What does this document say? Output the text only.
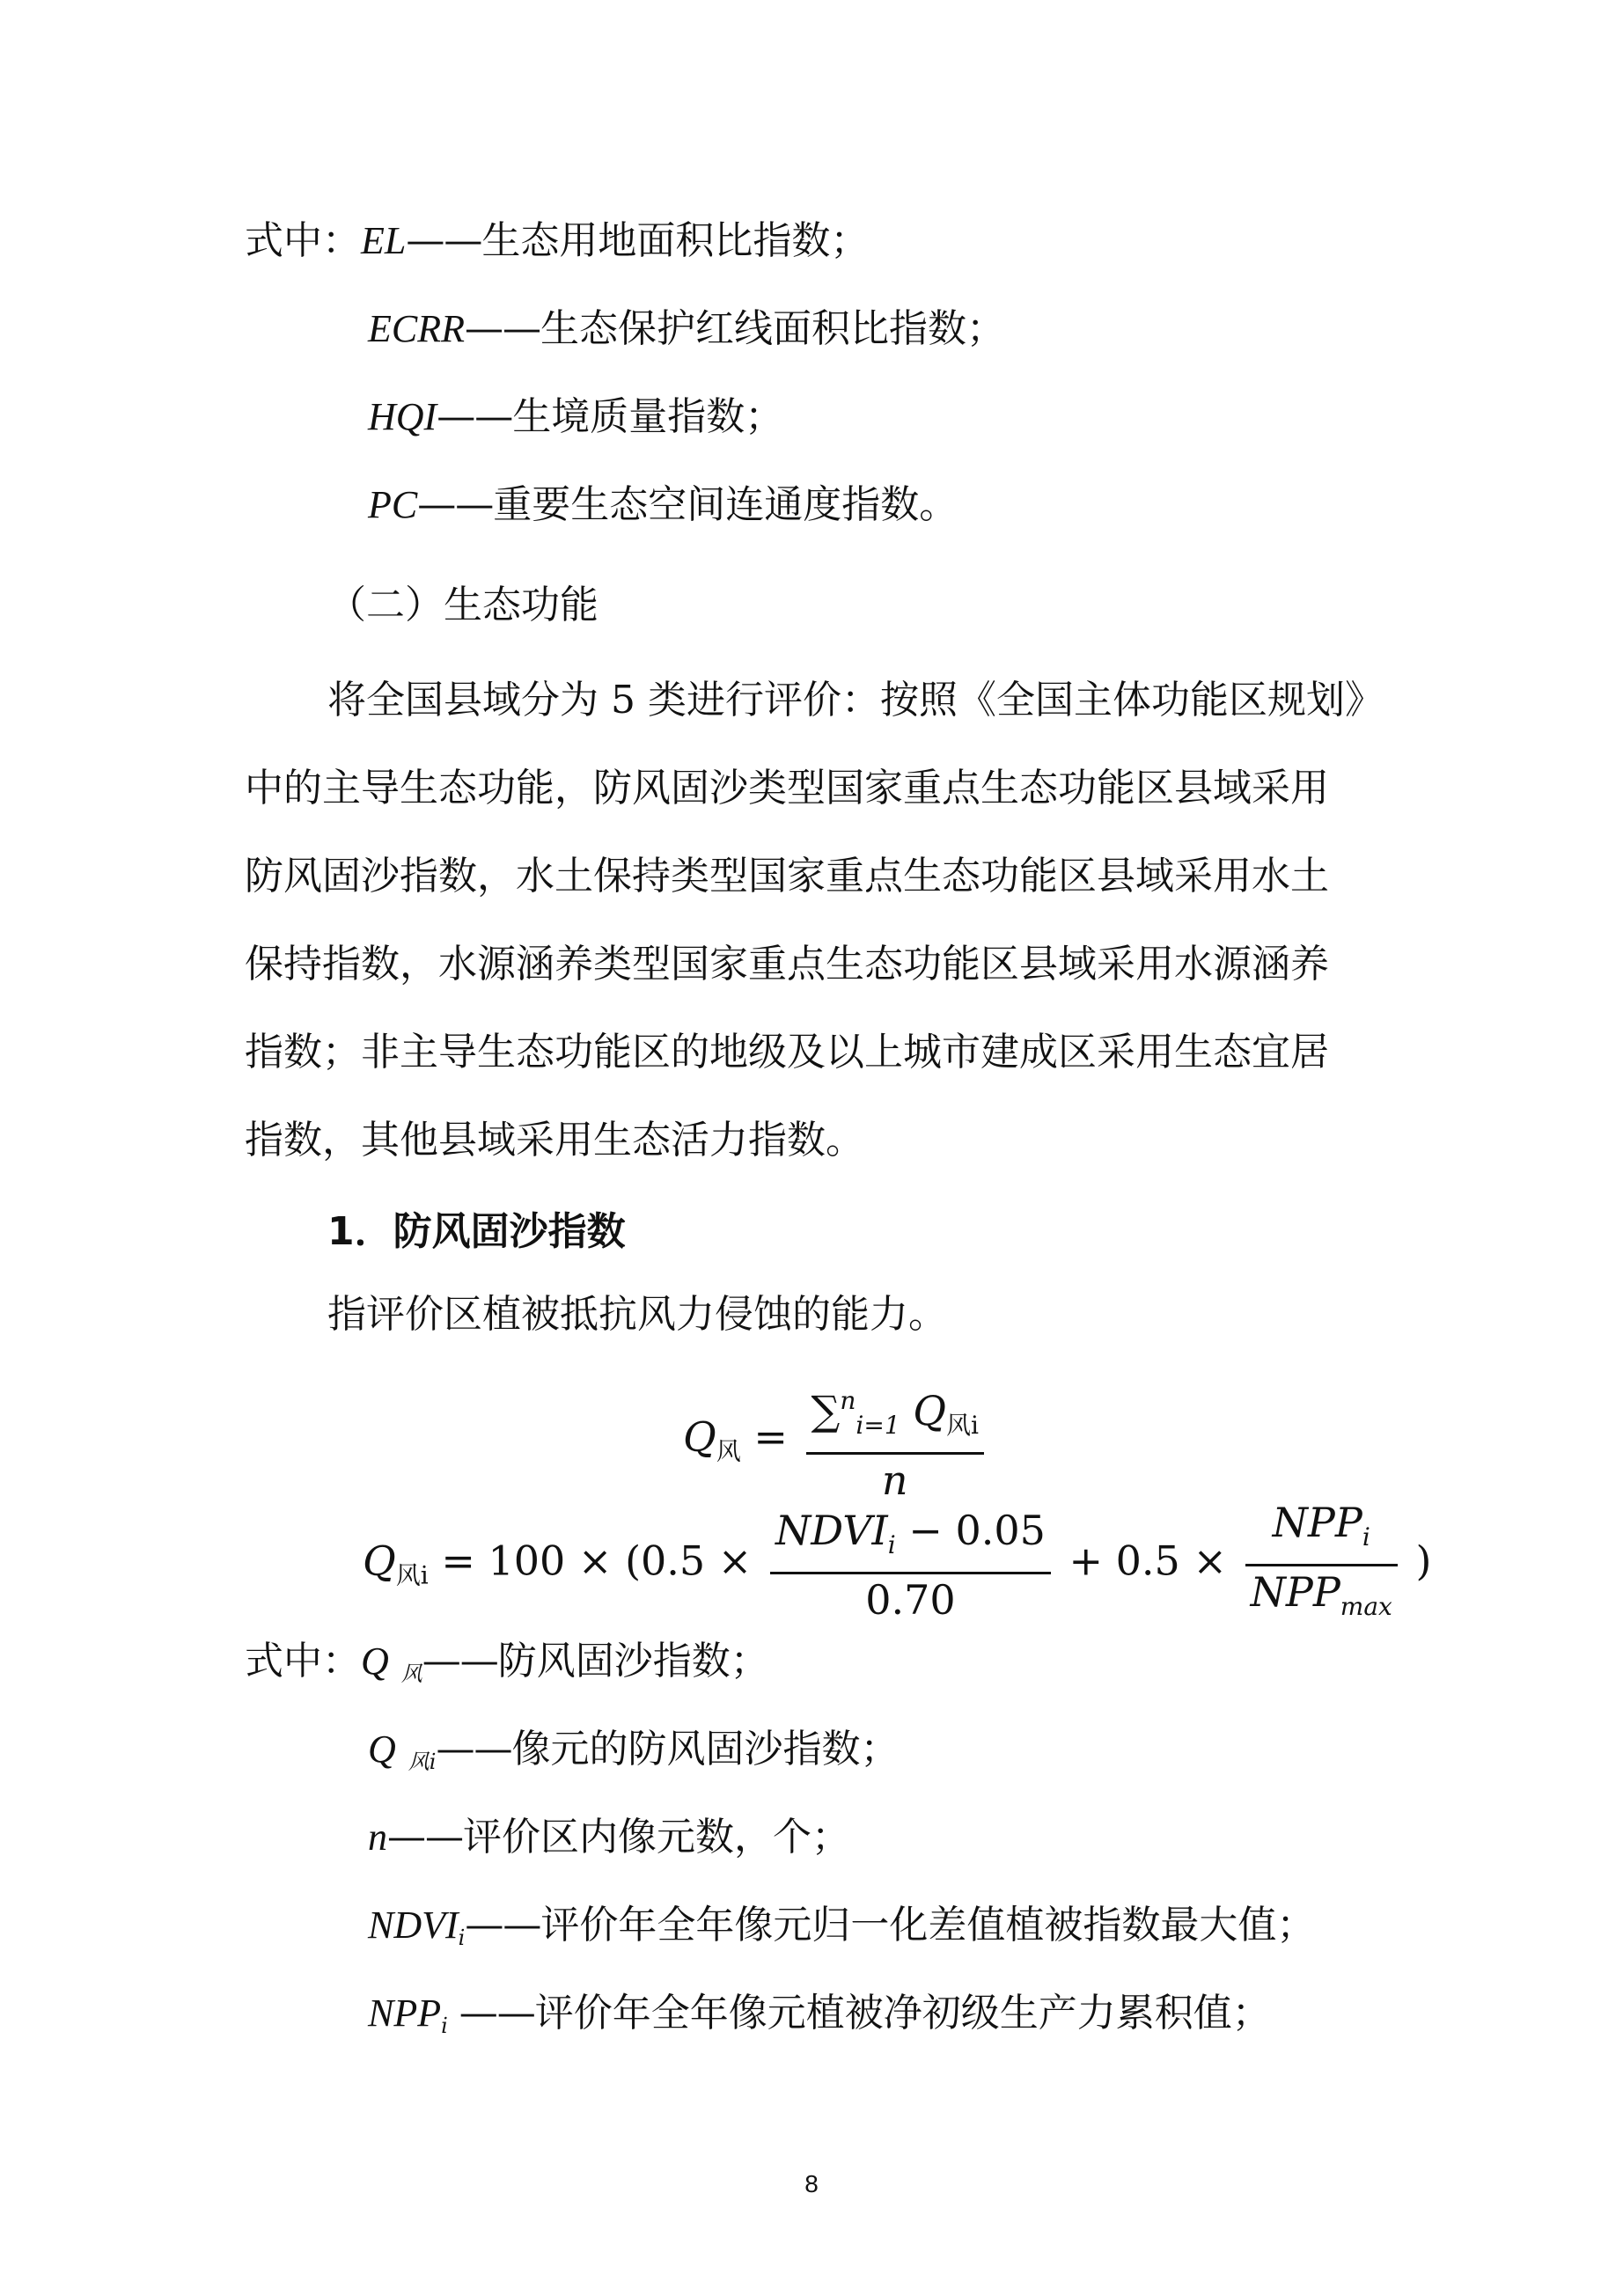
式中：EL——生态用地面积比指数；
ECRR——生态保护红线面积比指数；
HQI——生境质量指数；
PC——重要生态空间连通度指数。
（二）生态功能
将全国县域分为 5 类进行评价：按照《全国主体功能区规划》
中的主导生态功能，防风固沙类型国家重点生态功能区县域采用
防风固沙指数，水土保持类型国家重点生态功能区县域采用水土
保持指数，水源涵养类型国家重点生态功能区县域采用水源涵养
指数；非主导生态功能区的地级及以上城市建成区采用生态宜居
指数，其他县域采用生态活力指数。
1．防风固沙指数
指评价区植被抵抗风力侵蚀的能力。
$Q_风 = \frac{\sum^n_{i=1} Q_{风i}}{n}$
$Q_{风i} = 100 \times (0.5 \times \frac{NDVI_i - 0.05}{0.70} + 0.5 \times \frac{NPP_i}{NPP_{max}}$ )
式中：Q $_风$——防风固沙指数；
Q $_{风i}$——像元的防风固沙指数；
n——评价区内像元数，个；
$NDVI_i——$评价年全年像元归一化差值植被指数最大值；
$NPP_i$ ——评价年全年像元植被净初级生产力累积值；
8
